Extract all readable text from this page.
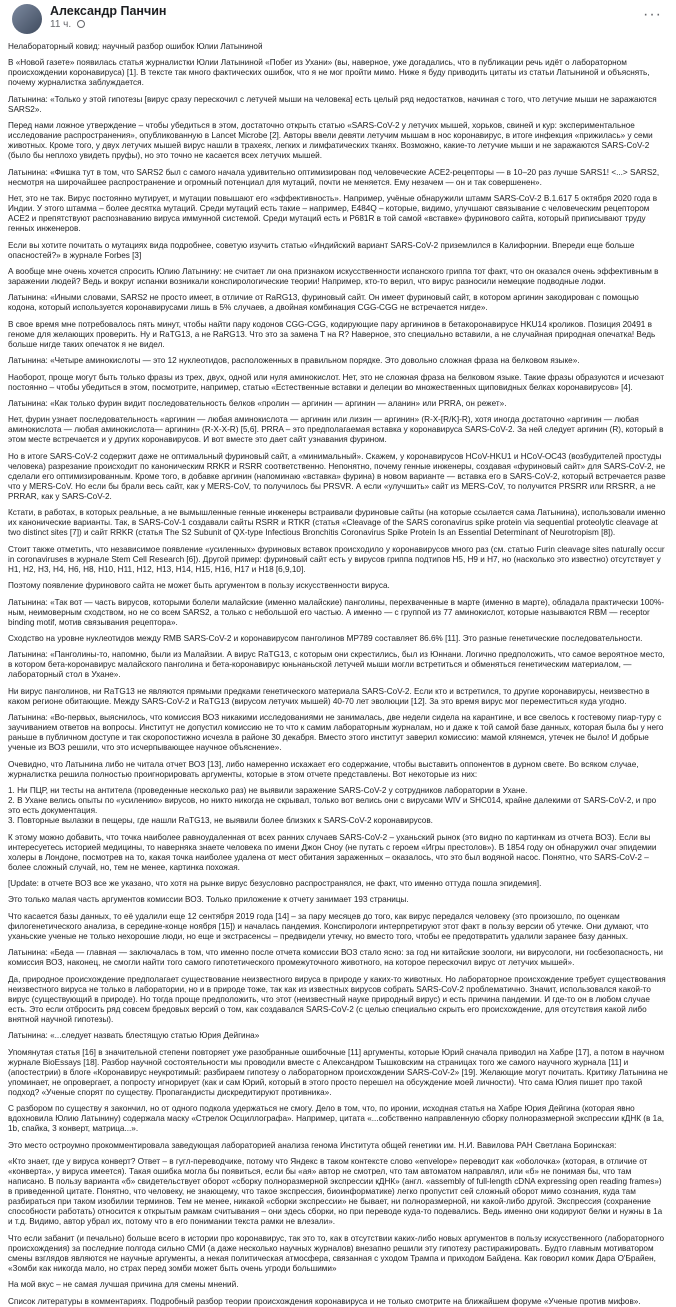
Александр Панчин
11 ч.
···

Нелабораторный ковид: научный разбор ошибок Юлии Латыниной

В «Новой газете» появилась статья журналистки Юлии Латыниной «Побег из Ухани» (вы, наверное, уже догадались, что в публикации речь идёт о лабораторном происхождении коронавируса) [1]. В тексте так много фактических ошибок, что я не мог пройти мимо. Ниже я буду приводить цитаты из статьи Латыниной и объяснять, почему журналистка заблуждается.

Латынина: «Только у этой гипотезы [вирус сразу перескочил с летучей мыши на человека] есть целый ряд недостатков, начиная с того, что летучие мыши не заражаются SARS2».

Перед нами ложное утверждение – чтобы убедиться в этом, достаточно открыть статью «SARS-CoV-2 у летучих мышей, хорьков, свиней и кур: экспериментальное исследование распространения», опубликованную в Lancet Microbe [2]. Авторы ввели девяти летучим мышам в нос коронавирус, в итоге инфекция «прижилась» у семи животных. Кроме того, у двух летучих мышей вирус нашли в трахеях, легких и лимфатических тканях. Возможно, какие-то летучие мыши и не заражаются SARS-CoV-2 (было бы неплохо увидеть пруфы), но это точно не касается всех летучих мышей.

Латынина: «Фишка тут в том, что SARS2 был с самого начала удивительно оптимизирован под человеческие ACE2-рецепторы — в 10–20 раз лучше SARS1! <...> SARS2, несмотря на широчайшее распространение и огромный потенциал для мутаций, почти не меняется. Ему незачем — он и так совершенен».

Нет, это не так. Вирус постоянно мутирует, и мутации повышают его «эффективность». Например, учёные обнаружили штамм SARS-CoV-2 B.1.617 5 октября 2020 года в Индии. У этого штамма – более десятка мутаций. Среди мутаций есть такие – например, E484Q – которые, видимо, улучшают связывание с человеческим рецептором ACE2 и препятствуют распознаванию вируса иммунной системой. Среди мутаций есть и P681R в той самой «вставке» фуринового сайта, который приписывают труду генных инженеров.

Если вы хотите почитать о мутациях вида подробнее, советую изучить статью «Индийский вариант SARS-CoV-2 приземлился в Калифорнии. Впереди еще больше опасностей?» в журнале Forbes [3]

А вообще мне очень хочется спросить Юлию Латынину: не считает ли она признаком искусственности испанского гриппа тот факт, что он оказался очень эффективным в заражении людей? Ведь и вокруг испанки возникали конспирологические теории! Например, кто-то верил, что вирус разносили немецкие подводные лодки.

Латынина: «Иными словами, SARS2 не просто имеет, в отличие от RaRG13, фуриновый сайт. Он имеет фуриновый сайт, в котором аргинин закодирован с помощью кодона, который используется коронавирусами лишь в 5% случаев, а двойная комбинация CGG-CGG не встречается нигде».

В свое время мне потребовалось пять минут, чтобы найти пару кодонов CGG-CGG, кодирующие пару аргининов в бетакоронавирусе HKU14 кроликов. Позиция 20491 в геноме для желающих проверить. Ну и RaTG13, а не RaRG13. Что это за замена T на R? Наверное, это специально вставили, а не случайная природная опечатка! Ведь больше нигде таких опечаток я не видел.

Латынина: «Четыре аминокислоты — это 12 нуклеотидов, расположенных в правильном порядке. Это довольно сложная фраза на белковом языке».

Наоборот, проще могут быть только фразы из трех, двух, одной или нуля аминокислот. Нет, это не сложная фраза на белковом языке. Такие фразы образуются и исчезают постоянно – чтобы убедиться в этом, посмотрите, например, статью «Естественные вставки и делеции во множественных щиповидных белках коронавирусов» [4].

Латынина: «Как только фурин видит последовательность белков «пролин — аргинин — аргинин — аланин» или PRRA, он режет».

Нет, фурин узнает последовательность «аргинин — любая аминокислота — аргинин или лизин — аргинин» (R-X-[R/K]-R), хотя иногда достаточно «аргинин — любая аминокислота — любая аминокислота— аргинин» (R-X-X-R) [5,6]. PRRA – это предполагаемая вставка у коронавируса SARS-CoV-2. За ней следует аргинин (R), который в этом месте встречается и у других коронавирусов. И вот вместе это дает сайт узнавания фурином.

Но в итоге SARS-CoV-2 содержит даже не оптимальный фуриновый сайт, а «минимальный». Скажем, у коронавирусов HCoV-HKU1 и HCoV-OC43 (возбудителей простуды человека) разрезание происходит по каноническим RRKR и RSRR соответственно. Непонятно, почему генные инженеры, создавая «фуриновый сайт» для SARS-CoV-2, не сделали его оптимизированным. Кроме того, в добавке аргинин (напоминаю «вставка» фурина) в новом варианте — вставка его в SARS-CoV-2, который встречается разве что у MERS-CoV. Но если бы брали весь сайт, как у MERS-CoV, то получилось бы PRSVR. А если «улучшить» сайт из MERS-CoV, то получится PRSRR или RRSRR, а не PRRAR, как у SARS-CoV-2.

Кстати, в работах, в которых реальные, а не вымышленные генные инженеры встраивали фуриновые сайты (на которые ссылается сама Латынина), использовали именно их канонические варианты. Так, в SARS-CoV-1 создавали сайты RSRR и RTKR (статья «Cleavage of the SARS coronavirus spike protein via sequential proteolytic cleavage at two distinct sites [7]) и сайт RRKR (статья The S2 Subunit of QX-type Infectious Bronchitis Coronavirus Spike Protein Is an Essential Determinant of Neurotropism [8]).

Стоит также отметить, что независимое появление «усиленных» фуриновых вставок происходило у коронавирусов много раз (см. статью Furin cleavage sites naturally occur in coronaviruses в журнале Stem Cell Research [6]). Другой пример: фуриновый сайт есть у вирусов гриппа подтипов H5, H9 и H7, но (насколько это известно) отсутствует у H1, H2, H3, H4, H6, H8, H10, H11, H12, H13, H14, H15, H16, H17 и H18 [6,9,10].

Поэтому появление фуринового сайта не может быть аргументом в пользу искусственности вируса.

Латынина: «Так вот — часть вирусов, которыми болели малайские (именно малайские) панголины, перехваченные в марте (именно в марте), обладала практически 100%-ным, неимоверным сходством, но не со всем SARS2, а только с небольшой его частью. А именно — с группой из 77 аминокислот, которые называются RBM — receptor binding motif, мотив связывания рецептора».

Сходство на уровне нуклеотидов между RMB SARS-CoV-2 и коронавирусом панголинов MP789 составляет 86.6% [11]. Это разные генетические последовательности.

Латынина: «Панголины-то, напомню, были из Малайзии. А вирус RaTG13, с которым они скрестились, был из Юннани. Логично предположить, что самое вероятное место, в котором бета-коронавирус малайского панголина и бета-коронавирус юньнаньской летучей мыши могли встретиться и обменяться генетическим материалом, — лабораторный стол в Ухане».

Ни вирус панголинов, ни RaTG13 не являются прямыми предками генетического материала SARS-CoV-2. Если кто и встретился, то другие коронавирусы, неизвестно в каком регионе обитающие. Между SARS-CoV-2 и RaTG13 (вирусом летучих мышей) 40-70 лет эволюции [12]. За это время вирус мог переместиться куда угодно.

Латынина: «Во-первых, выяснилось, что комиссия ВОЗ никакими исследованиями не занималась, две недели сидела на карантине, и все свелось к гостевому пиар-туру с заучиванием ответов на вопросы. Институт не допустил комиссию не то что к самим лабораторным журналам, но и даже к той самой базе данных, которая была бы у него раньше в публичном доступе и так скоропостижно исчезла в районе 30 декабря. Вместо этого институт заверил комиссию: мамой клянемся, утечек не было! И добрые ученые из ВОЗ решили, что это исчерпывающее научное объяснение».

Очевидно, что Латынина либо не читала отчет ВОЗ [13], либо намеренно искажает его содержание, чтобы выставить оппонентов в дурном свете. Во всяком случае, журналистка решила полностью проигнорировать аргументы, которые в этом отчете представлены. Вот некоторые из них:

1. Ни ПЦР, ни тесты на антитела (проведенные несколько раз) не выявили заражение SARS-CoV-2 у сотрудников лаборатории в Ухане.
2. В Ухане велись опыты по «усилению» вирусов, но никто никогда не скрывал, только вот велись они с вирусами WIV и SHC014, крайне далекими от SARS-CoV-2, и про это есть документация.
3. Повторные вылазки в пещеры, где нашли RaTG13, не выявили более близких к SARS-CoV-2 коронавирусов.

К этому можно добавить, что точка наиболее равноудаленная от всех ранних случаев SARS-CoV-2 – уханьский рынок (это видно по картинкам из отчета ВОЗ). Если вы интересуетесь историей медицины, то наверняка знаете человека по имени Джон Сноу (не путать с героем «Игры престолов»). В 1854 году он обнаружил очаг эпидемии холеры в Лондоне, посмотрев на то, какая точка наиболее удалена от мест обитания зараженных – оказалось, что это был водяной насос. Понятно, что SARS-CoV-2 – более сложный случай, но, тем не менее, картинка похожая.

[Update: в отчете ВОЗ все же указано, что хотя на рынке вирус безусловно распространялся, не факт, что именно оттуда пошла эпидемия].

Это только малая часть аргументов комиссии ВОЗ. Только приложение к отчету занимает 193 страницы.

Что касается базы данных, то её удалили еще 12 сентября 2019 года [14] – за пару месяцев до того, как вирус передался человеку (это произошло, по оценкам филогенетического анализа, в середине-конце ноября [15]) и началась пандемия. Конспирологи интерпретируют этот факт в пользу версии об утечке. Они думают, что уханьские ученые не только нехорошие люди, но еще и экстрасенсы – предвидели утечку, но вместо того, чтобы ее предотвратить удалили заранее базу данных.

Латынина: «Беда — главная — заключалась в том, что именно после отчета комиссии ВОЗ стало ясно: за год ни китайские зоологи, ни вирусологи, ни госбезопасность, ни комиссия ВОЗ, наконец, не смогли найти того самого гипотетического промежуточного животного, на которое перескочил вирус от летучих мышей».

Да, природное происхождение предполагает существование неизвестного вируса в природе у каких-то животных. Но лабораторное происхождение требует существования неизвестного вируса не только в лаборатории, но и в природе тоже, так как из известных вирусов собрать SARS-CoV-2 проблематично. Значит, использовался какой-то вирус (существующий в природе). Но тогда проще предположить, что этот (неизвестный науке природный вирус) и есть причина пандемии. И где-то он в любом случае есть. Это если отбросить ряд совсем бредовых версий о том, как создавался SARS-CoV-2 (с целью специально скрыть его происхождение, для отсутствия какой либо внятной научной гипотезы).

Латынина: «...следует назвать блестящую статью Юрия Дейгина»

Упомянутая статья [16] в значительной степени повторяет уже разобранные ошибочные [11] аргументы, которые Юрий сначала приводил на Хабре [17], а потом в научном журнале BioEssays [18]. Разбор научной состоятельности мы проводили вместе с Александром Тышковским на страницах того же самого научного журнала [11] и (апостестрии) в блоге «Коронавирус неукротимый: разбираем гипотезу о лабораторном происхождении SARS-CoV-2» [19]. Желающие могут почитать. Критику Латынина не упоминает, не опровергает, а попросту игнорирует (как и сам Юрий, который в этого просто перешел на обсуждение моей личности). Что сама Юлия пишет про такой подход? «Ученые спорят по существу. Пропагандисты дискредитируют противника».

С разбором по существу я закончил, но от одного подкола удержаться не смогу. Дело в том, что, по иронии, исходная статья на Хабре Юрия Дейгина (которая явно вдохновила Юлию Латынину) содержала маску «Стрелок Осциллографа». Например, цитата «...собственно направленную сборку полноразмерной экспрессии кДНК (в 1a, 1b, спайка, 3 конверт, матрица...».

Это место остроумно прокомментировала заведующая лабораторией анализа генома Института общей генетики им. Н.И. Вавилова РАН Светлана Боринская:

«Кто знает, где у вируса конверт? Ответ – в гугл-переводчике, потому что Яндекс в таком контексте слово «envelope» переводит как «оболочка» (которая, в отличие от «конверта», у вируса имеется). Такая ошибка могла бы появиться, если бы «ая» автор не смотрел, что там автоматом направлял, или «б» не понимая бы, что там написано. В пользу варианта «б» свидетельствует оборот «сборку полноразмерной экспрессии кДНК» (англ. «assembly of full-length cDNA expressing open reading frames») в приведенной цитате. Понятно, что человеку, не знающему, что такое экспрессия, биоинформатике) легко пропустит сей сложный оборот мимо сознания, куда там разбираться при таком изобилии терминов. Тем не менее, никакой «сборки экспрессии» не бывает, ни полноразмерной, ни какой-либо другой. Экспрессия (сохранение способности работать) относится к открытым рамкам считывания – они здесь сборки, но при переводе куда-то подевались. Ведь именно они кодируют белки и нужны в 1а и т.д. Видимо, автор убрал их, потому что в его понимании текста рамки не влезали».

Что если забанит (и печально) больше всего в истории про коронавирус, так это то, как в отсутствии каких-либо новых аргументов в пользу искусственного (лабораторного происхождения) за последние полгода сильно СМИ (а даже несколько научных журналов) внезапно решили эту гипотезу растиражировать. Будто главным мотиватором смены взглядов являются не научные аргументы, а некая политическая атмосфера, связанная с уходом Трампа и приходом Байдена. Как говорил комик Дара О'Брайен, «Зомби как никогда мало, но страх перед зомби может быть очень угроди большими»

На мой вкус – не самая лучшая причина для смены мнений.

Список литературы в комментариях. Подробный разбор теории происхождения коронавируса и не только смотрите на ближайшем форуме «Ученые против мифов».
